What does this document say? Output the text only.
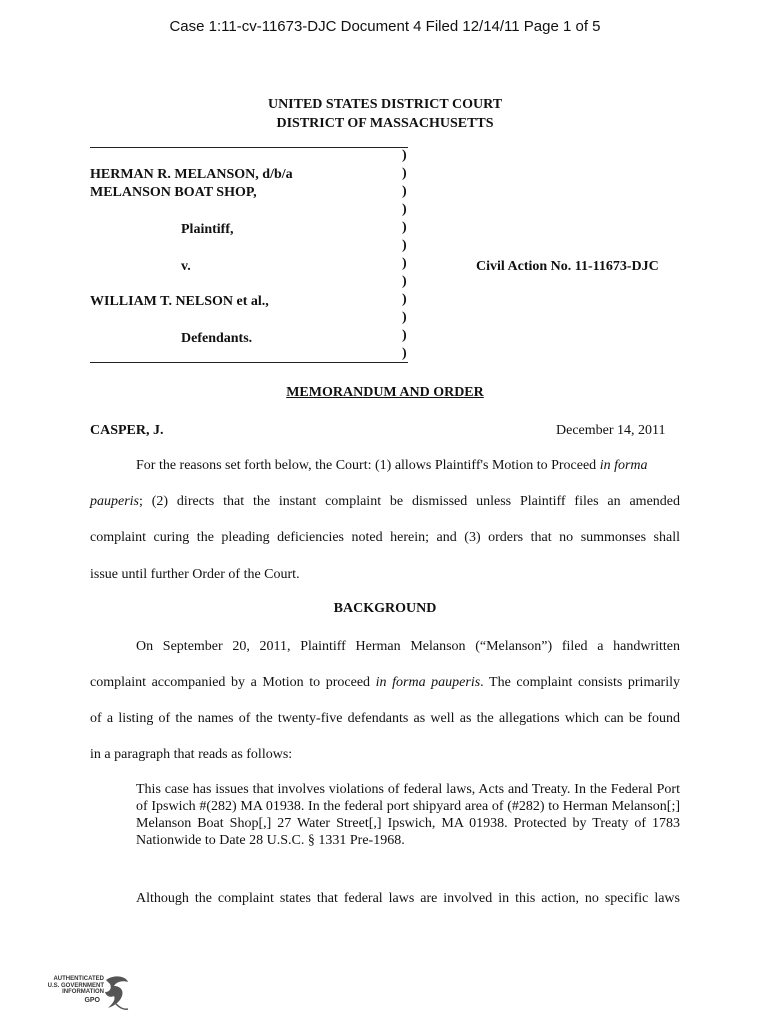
Case 1:11-cv-11673-DJC Document 4 Filed 12/14/11 Page 1 of 5
UNITED STATES DISTRICT COURT
DISTRICT OF MASSACHUSETTS
HERMAN R. MELANSON, d/b/a
MELANSON BOAT SHOP,
Plaintiff,
v.
WILLIAM T. NELSON et al.,
Defendants.
)
)
)
)
)
)
)
)
)
)
)
)
Civil Action No. 11-11673-DJC
MEMORANDUM AND ORDER
CASPER, J.	December 14, 2011
For the reasons set forth below, the Court: (1) allows Plaintiff's Motion to Proceed in forma
pauperis; (2) directs that the instant complaint be dismissed unless Plaintiff files an amended
complaint curing the pleading deficiencies noted herein; and (3) orders that no summonses shall
issue until further Order of the Court.
BACKGROUND
On September 20, 2011, Plaintiff Herman Melanson (“Melanson”) filed a handwritten
complaint accompanied by a Motion to proceed in forma pauperis. The complaint consists primarily
of a listing of the names of the twenty-five defendants as well as the allegations which can be found
in a paragraph that reads as follows:
This case has issues that involves violations of federal laws, Acts and Treaty. In the Federal Port of Ipswich #(282) MA 01938. In the federal port shipyard area of (#282) to Herman Melanson[;] Melanson Boat Shop[,] 27 Water Street[,] Ipswich, MA 01938. Protected by Treaty of 1783 Nationwide to Date 28 U.S.C. § 1331 Pre-1968.
Although the complaint states that federal laws are involved in this action, no specific laws
AUTHENTICATED
U.S. GOVERNMENT
INFORMATION
GPO
